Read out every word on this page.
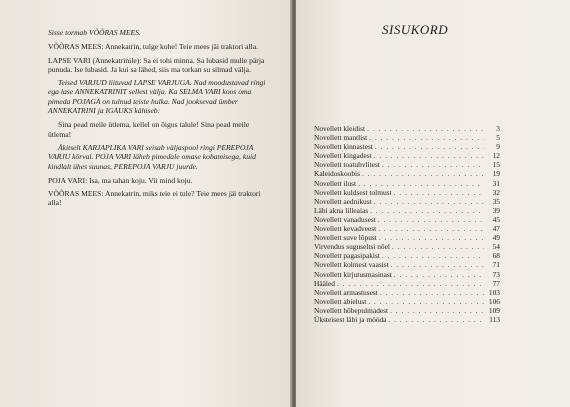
Sisse tormab VÕÕRAS MEES.

VÕÕRAS MEES: Annekatrin, tulge kohe! Teie mees jäi traktori alla.

LAPSE VARI (Annekatrinile): Sa ei tohi minna. Sa lubasid mulle pärja punuda. Ise lubasid. Ja kui sa lähed, siis ma torkan su silmad välja.

Teised VARJUD liituvad LAPSE VARJUGA. Nad moodustavad ringi ega lase ANNEKATRINIT sellest välja. Ka SELMA VARI koos oma pimeda POJAGA on tulnud teiste hulka. Nad jooksevad ümber ANNEKATRINI ja IGAUKS kähiseb:

Sina pead meile ütlema, kellel on õigus talule! Sina pead meile ütlema!

Äkitselt KARJAPLIKA VARI seisab väljaspool ringi PEREPOJA VARJU kõrval. POJA VARI läheb pimedale omase kobamisega, kuid kindlalt ühes suunas, PEREPOJA VARJU juurde.

POJA VARI: Isa, ma tahan koju. Vii mind koju.

VÕÕRAS MEES: Annekatrin, miks teie ei tule? Teie mees jäi traktori alla!

SISUKORD
Novellett kleidist . . .	3
Novellett mantlist . . .	5
Novellett kinnastest . . .	9
Novellett kingadest . . .	12
Novellett toatuhvlitest . . .	15
Kaleidoskoobis . . .	19
Novellett ilust . . .	31
Novellett kuldsest tolmust . . .	32
Novellett aednikust . . .	35
Läbi akna lilleaias . . .	39
Novellett vanadusest . . .	45
Novellett kevadveest . . .	47
Novellett suve lõpust . . .	49
Virvendus suguseltsi nõel . . .	54
Novellett pagasipakist . . .	68
Novellett kolmest vaasist . . .	71
Novellett kirjutusmasinast . . .	73
Hääled . . .	77
Novellett armastusest . . .	103
Novellett abielust . . .	106
Novellett hõbepulmadest . . .	109
Üksteisest läbi ja mööda . . .	113
